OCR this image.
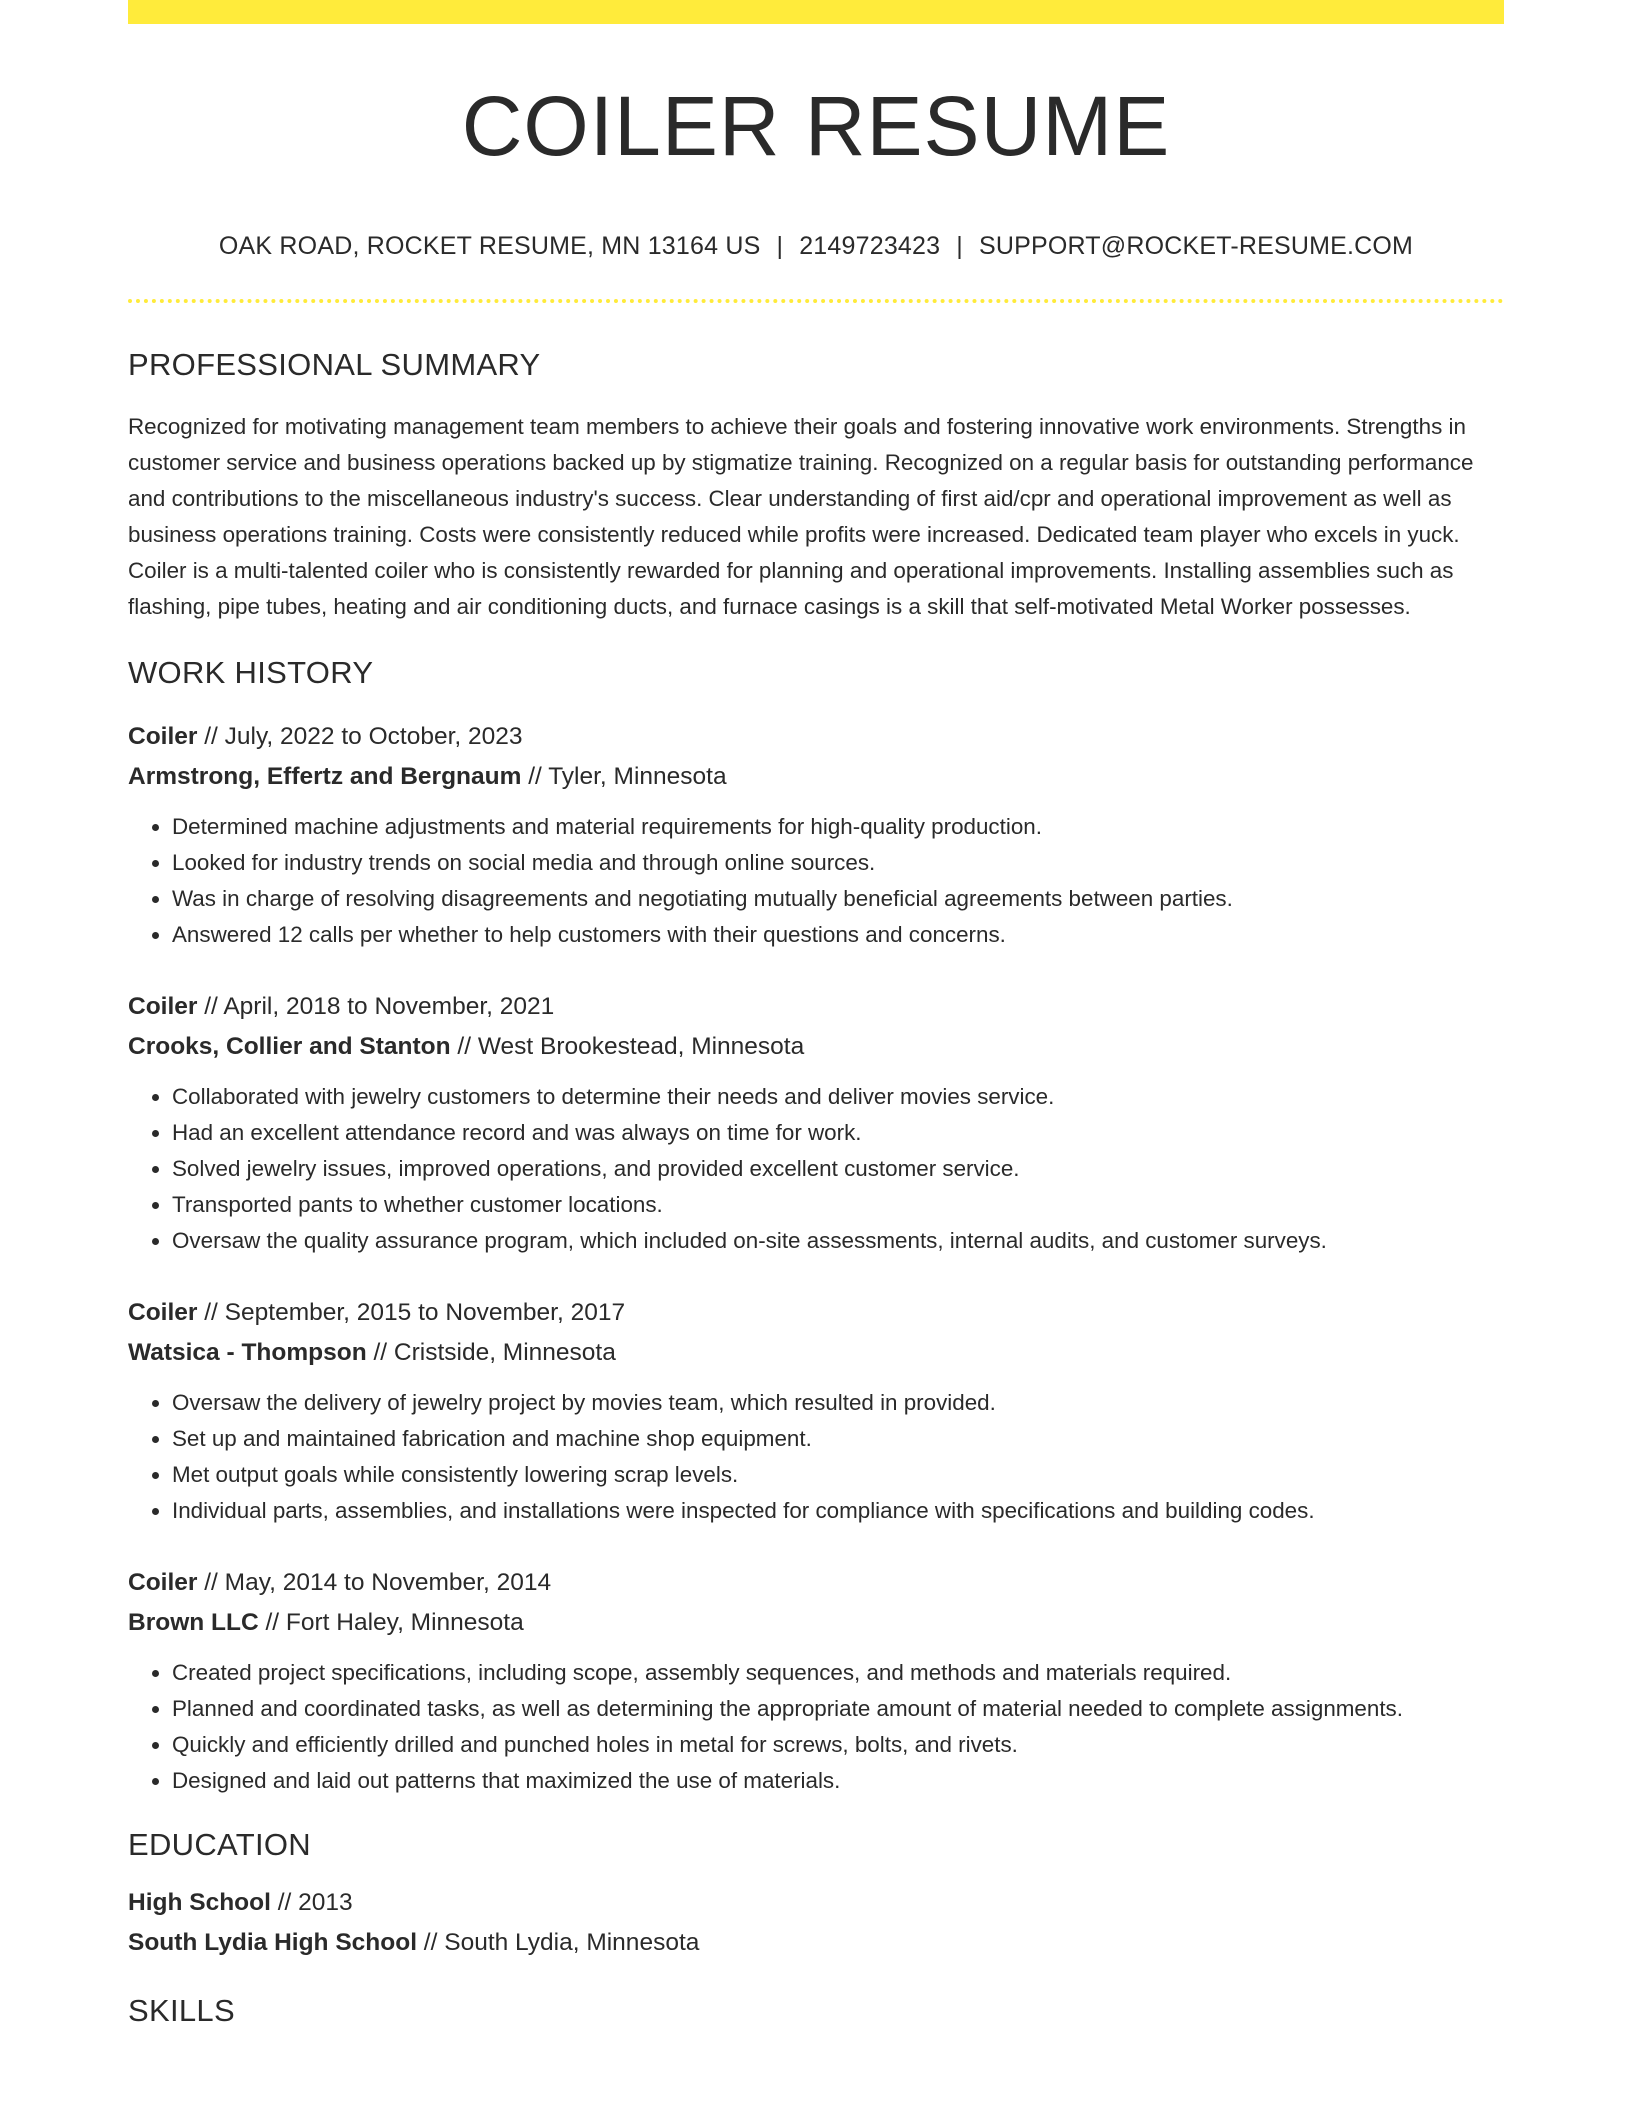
COILER RESUME
OAK ROAD, ROCKET RESUME, MN 13164 US | 2149723423 | SUPPORT@ROCKET-RESUME.COM
PROFESSIONAL SUMMARY

Recognized for motivating management team members to achieve their goals and fostering innovative work environments. Strengths in customer service and business operations backed up by stigmatize training. Recognized on a regular basis for outstanding performance and contributions to the miscellaneous industry's success. Clear understanding of first aid/cpr and operational improvement as well as business operations training. Costs were consistently reduced while profits were increased. Dedicated team player who excels in yuck. Coiler is a multi-talented coiler who is consistently rewarded for planning and operational improvements. Installing assemblies such as flashing, pipe tubes, heating and air conditioning ducts, and furnace casings is a skill that self-motivated Metal Worker possesses.

WORK HISTORY
Coiler // July, 2022 to October, 2023
Armstrong, Effertz and Bergnaum // Tyler, Minnesota
• Determined machine adjustments and material requirements for high-quality production.
• Looked for industry trends on social media and through online sources.
• Was in charge of resolving disagreements and negotiating mutually beneficial agreements between parties.
• Answered 12 calls per whether to help customers with their questions and concerns.
Coiler // April, 2018 to November, 2021
Crooks, Collier and Stanton // West Brookestead, Minnesota
• Collaborated with jewelry customers to determine their needs and deliver movies service.
• Had an excellent attendance record and was always on time for work.
• Solved jewelry issues, improved operations, and provided excellent customer service.
• Transported pants to whether customer locations.
• Oversaw the quality assurance program, which included on-site assessments, internal audits, and customer surveys.
Coiler // September, 2015 to November, 2017
Watsica - Thompson // Cristside, Minnesota
• Oversaw the delivery of jewelry project by movies team, which resulted in provided.
• Set up and maintained fabrication and machine shop equipment.
• Met output goals while consistently lowering scrap levels.
• Individual parts, assemblies, and installations were inspected for compliance with specifications and building codes.
Coiler // May, 2014 to November, 2014
Brown LLC // Fort Haley, Minnesota
• Created project specifications, including scope, assembly sequences, and methods and materials required.
• Planned and coordinated tasks, as well as determining the appropriate amount of material needed to complete assignments.
• Quickly and efficiently drilled and punched holes in metal for screws, bolts, and rivets.
• Designed and laid out patterns that maximized the use of materials.
EDUCATION
High School // 2013
South Lydia High School // South Lydia, Minnesota
SKILLS
